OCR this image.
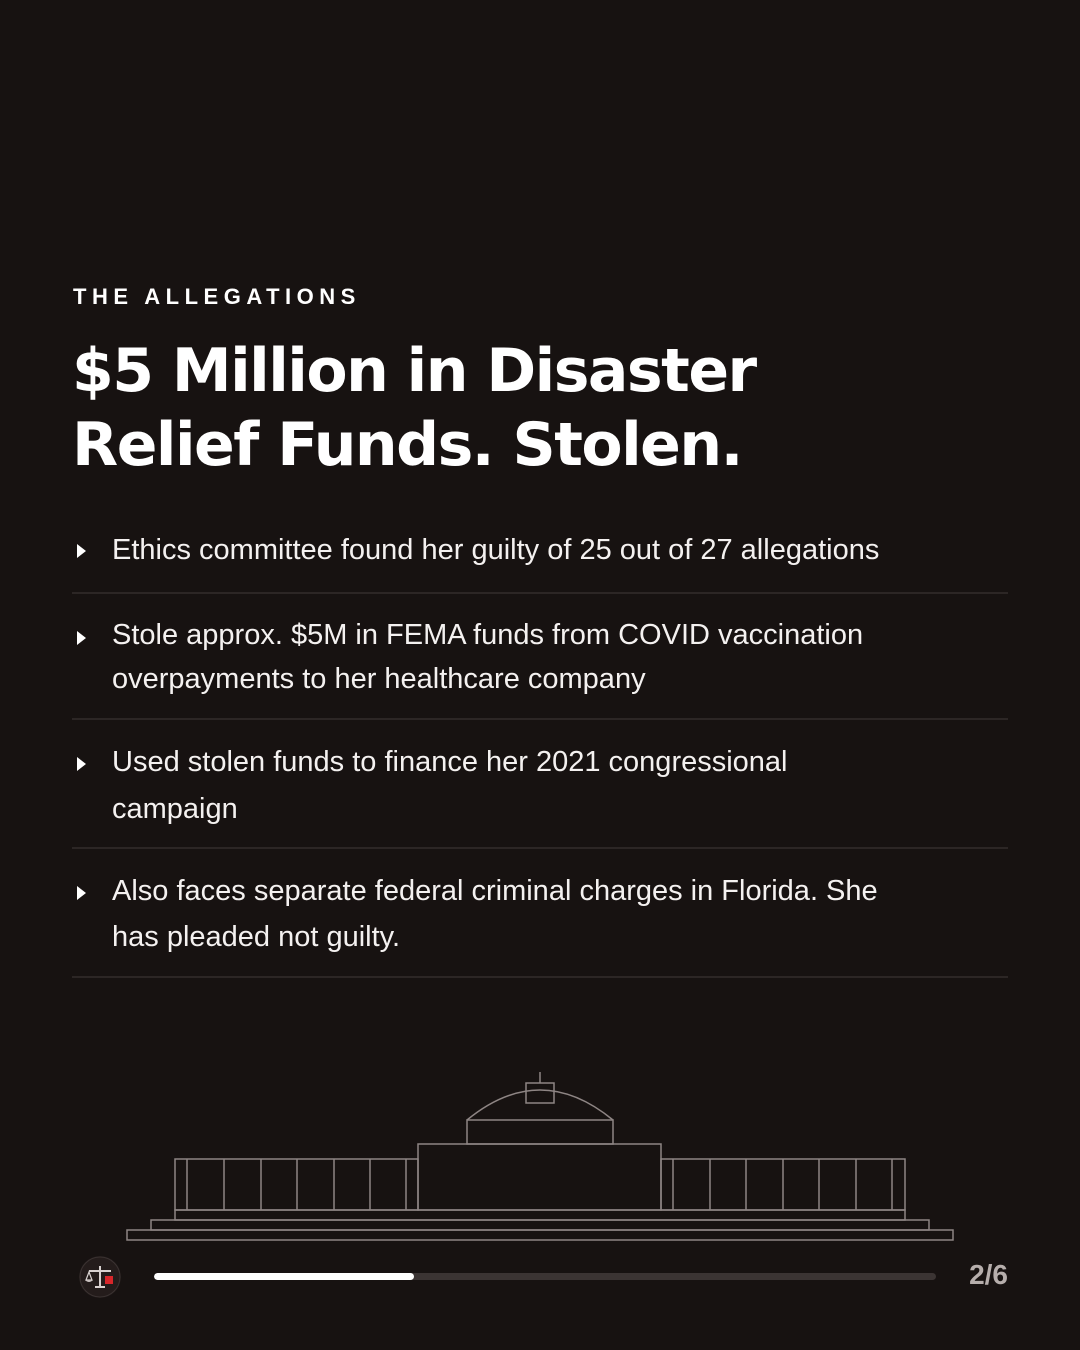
THE ALLEGATIONS
$5 Million in Disaster
Relief Funds. Stolen.
Ethics committee found her guilty of 25 out of 27 allegations
Stole approx. $5M in FEMA funds from COVID vaccination
overpayments to her healthcare company
Used stolen funds to finance her 2021 congressional
campaign
Also faces separate federal criminal charges in Florida. She
has pleaded not guilty.
2/6
